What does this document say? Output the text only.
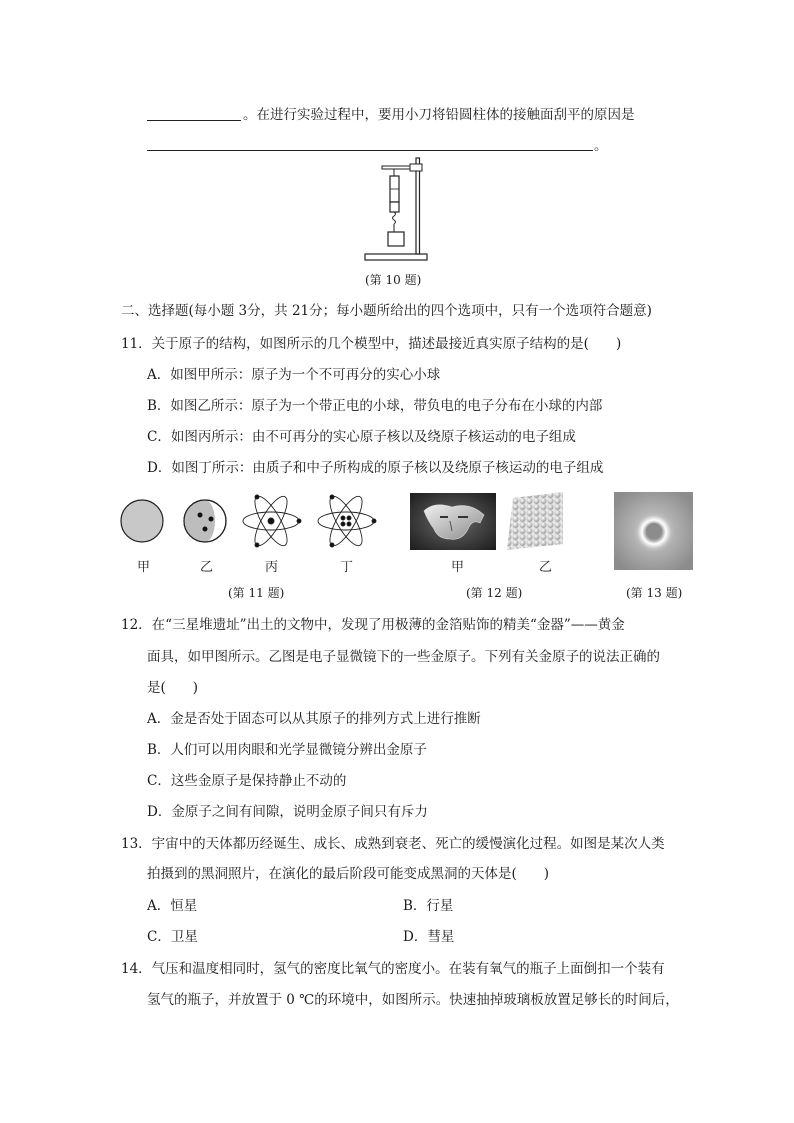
。在进行实验过程中，要用小刀将铅圆柱体的接触面刮平的原因是
。
(第 10 题)
二、选择题(每小题 3分，共 21分；每小题所给出的四个选项中，只有一个选项符合题意)
11．关于原子的结构，如图所示的几个模型中，描述最接近真实原子结构的是(　　)
A．如图甲所示：原子为一个不可再分的实心小球
B．如图乙所示：原子为一个带正电的小球，带负电的电子分布在小球的内部
C．如图丙所示：由不可再分的实心原子核以及绕原子核运动的电子组成
D．如图丁所示：由质子和中子所构成的原子核以及绕原子核运动的电子组成
甲	乙	丙	丁
(第 11 题)
甲	乙
(第 12 题)	(第 13 题)
12．在“三星堆遗址”出土的文物中，发现了用极薄的金箔贴饰的精美“金器”——黄金
面具，如甲图所示。乙图是电子显微镜下的一些金原子。下列有关金原子的说法正确的
是(　　)
A．金是否处于固态可以从其原子的排列方式上进行推断
B．人们可以用肉眼和光学显微镜分辨出金原子
C．这些金原子是保持静止不动的
D．金原子之间有间隙，说明金原子间只有斥力
13．宇宙中的天体都历经诞生、成长、成熟到衰老、死亡的缓慢演化过程。如图是某次人类
拍摄到的黑洞照片，在演化的最后阶段可能变成黑洞的天体是(　　)
A．恒星	B．行星
C．卫星	D．彗星
14．气压和温度相同时，氢气的密度比氧气的密度小。在装有氧气的瓶子上面倒扣一个装有
氢气的瓶子，并放置于 0 ℃的环境中，如图所示。快速抽掉玻璃板放置足够长的时间后，
